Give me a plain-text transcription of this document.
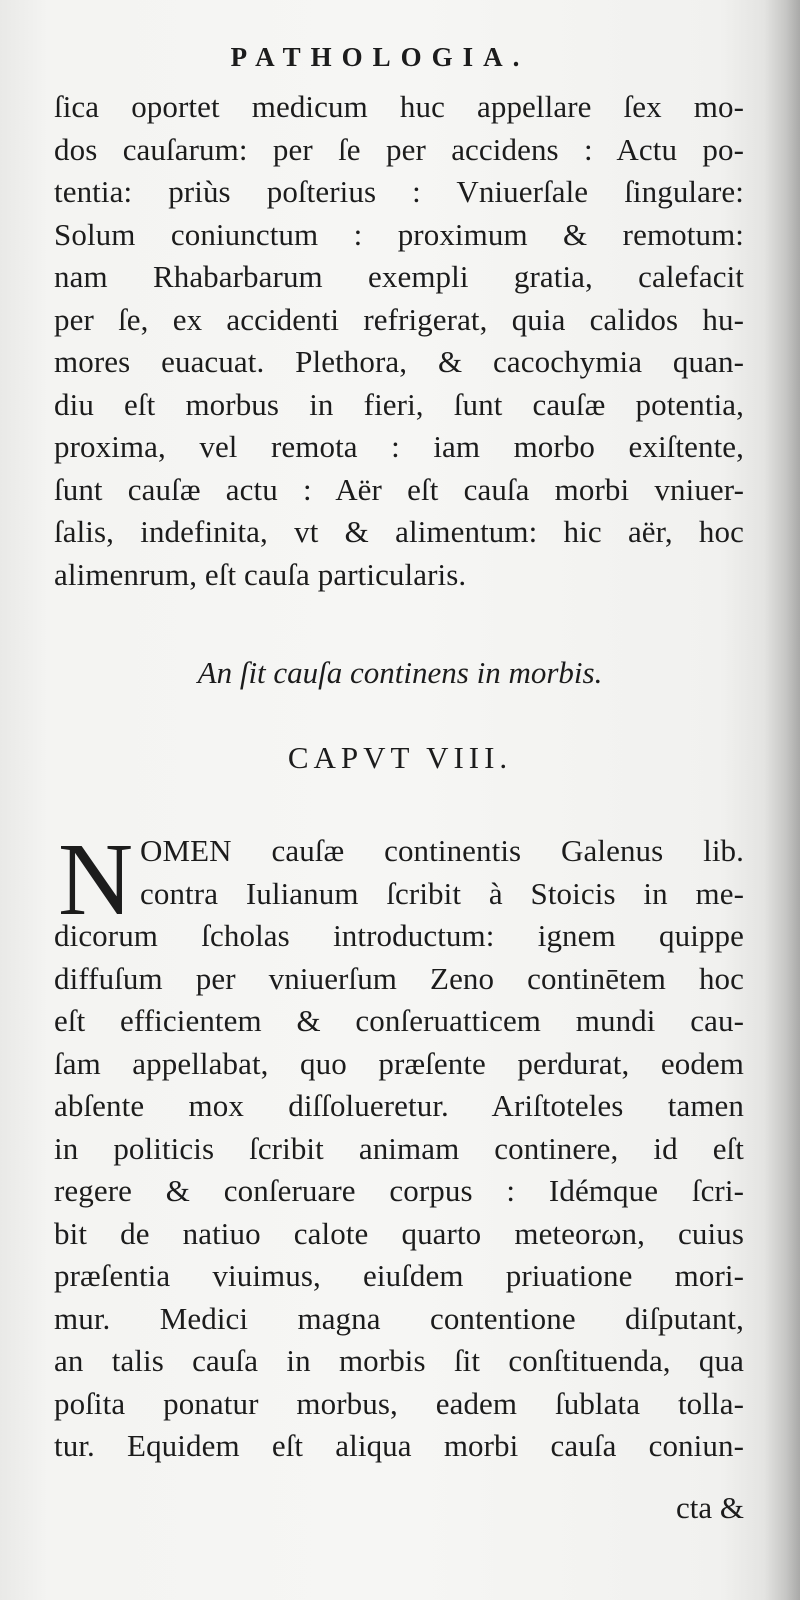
PATHOLOGIA.
ſica oportet medicum huc appellare ſex mo-
dos cauſarum: per ſe per accidens : Actu po-
tentia: priùs poſterius : Vniuerſale ſingulare:
Solum coniunctum : proximum & remotum:
nam Rhabarbarum exempli gratia, calefacit
per ſe, ex accidenti refrigerat, quia calidos hu-
mores euacuat. Plethora, & cacochymia quan-
diu eſt morbus in fieri, ſunt cauſæ potentia,
proxima, vel remota : iam morbo exiſtente,
ſunt cauſæ actu : Aër eſt cauſa morbi vniuer-
ſalis, indefinita, vt & alimentum: hic aër, hoc
alimenrum, eſt cauſa particularis.
An ſit cauſa continens in morbis.
CAPVT VIII.
N OMEN cauſæ continentis Galenus lib.
contra Iulianum ſcribit à Stoicis in me-
dicorum ſcholas introductum: ignem quippe
diffuſum per vniuerſum Zeno continētem hoc
eſt efficientem & conſeruatticem mundi cau-
ſam appellabat, quo præſente perdurat, eodem
abſente mox diſſolueretur. Ariſtoteles tamen
in politicis ſcribit animam continere, id eſt
regere & conſeruare corpus : Idémque ſcri-
bit de natiuo calote quarto meteorωn, cuius
præſentia viuimus, eiuſdem priuatione mori-
mur. Medici magna contentione diſputant,
an talis cauſa in morbis ſit conſtituenda, qua
poſita ponatur morbus, eadem ſublata tolla-
tur. Equidem eſt aliqua morbi cauſa coniun-
cta &
